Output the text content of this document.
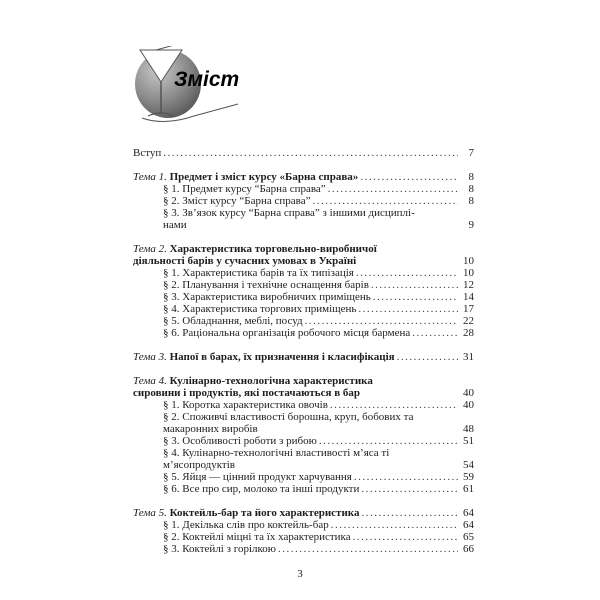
Зміст
Вступ .....	7
Тема 1. Предмет і зміст курсу «Барна справа» .....	8
§ 1. Предмет курсу “Барна справа” .....	8
§ 2. Зміст курсу “Барна справа” .....	8
§ 3. Зв’язок курсу “Барна справа” з іншими дисциплі-
нами	9
Тема 2. Характеристика торговельно-виробничої
діяльності барів у сучасних умовах в Україні	10
§ 1. Характеристика барів та їх типізація .....	10
§ 2. Планування і технічне оснащення барів .....	12
§ 3. Характеристика виробничих приміщень .....	14
§ 4. Характеристика торгових приміщень .....	17
§ 5. Обладнання, меблі, посуд .....	22
§ 6. Раціональна організація робочого місця бармена .....	28
Тема 3. Напої в барах, їх призначення і класифікація .....	31
Тема 4. Кулінарно-технологічна характеристика
сировини і продуктів, які постачаються в бар	40
§ 1. Коротка характеристика овочів .....	40
§ 2. Споживчі властивості борошна, круп, бобових та
макаронних виробів	48
§ 3. Особливості роботи з рибою .....	51
§ 4. Кулінарно-технологічні властивості м’яса ті
м’ясопродуктів	54
§ 5. Яйця — цінний продукт харчування .....	59
§ 6. Все про сир, молоко та інші продукти .....	61
Тема 5. Коктейль-бар та його характеристика .....	64
§ 1. Декілька слів про коктейль-бар .....	64
§ 2. Коктейлі міцні та їх характеристика .....	65
§ 3. Коктейлі з горілкою .....	66
3
